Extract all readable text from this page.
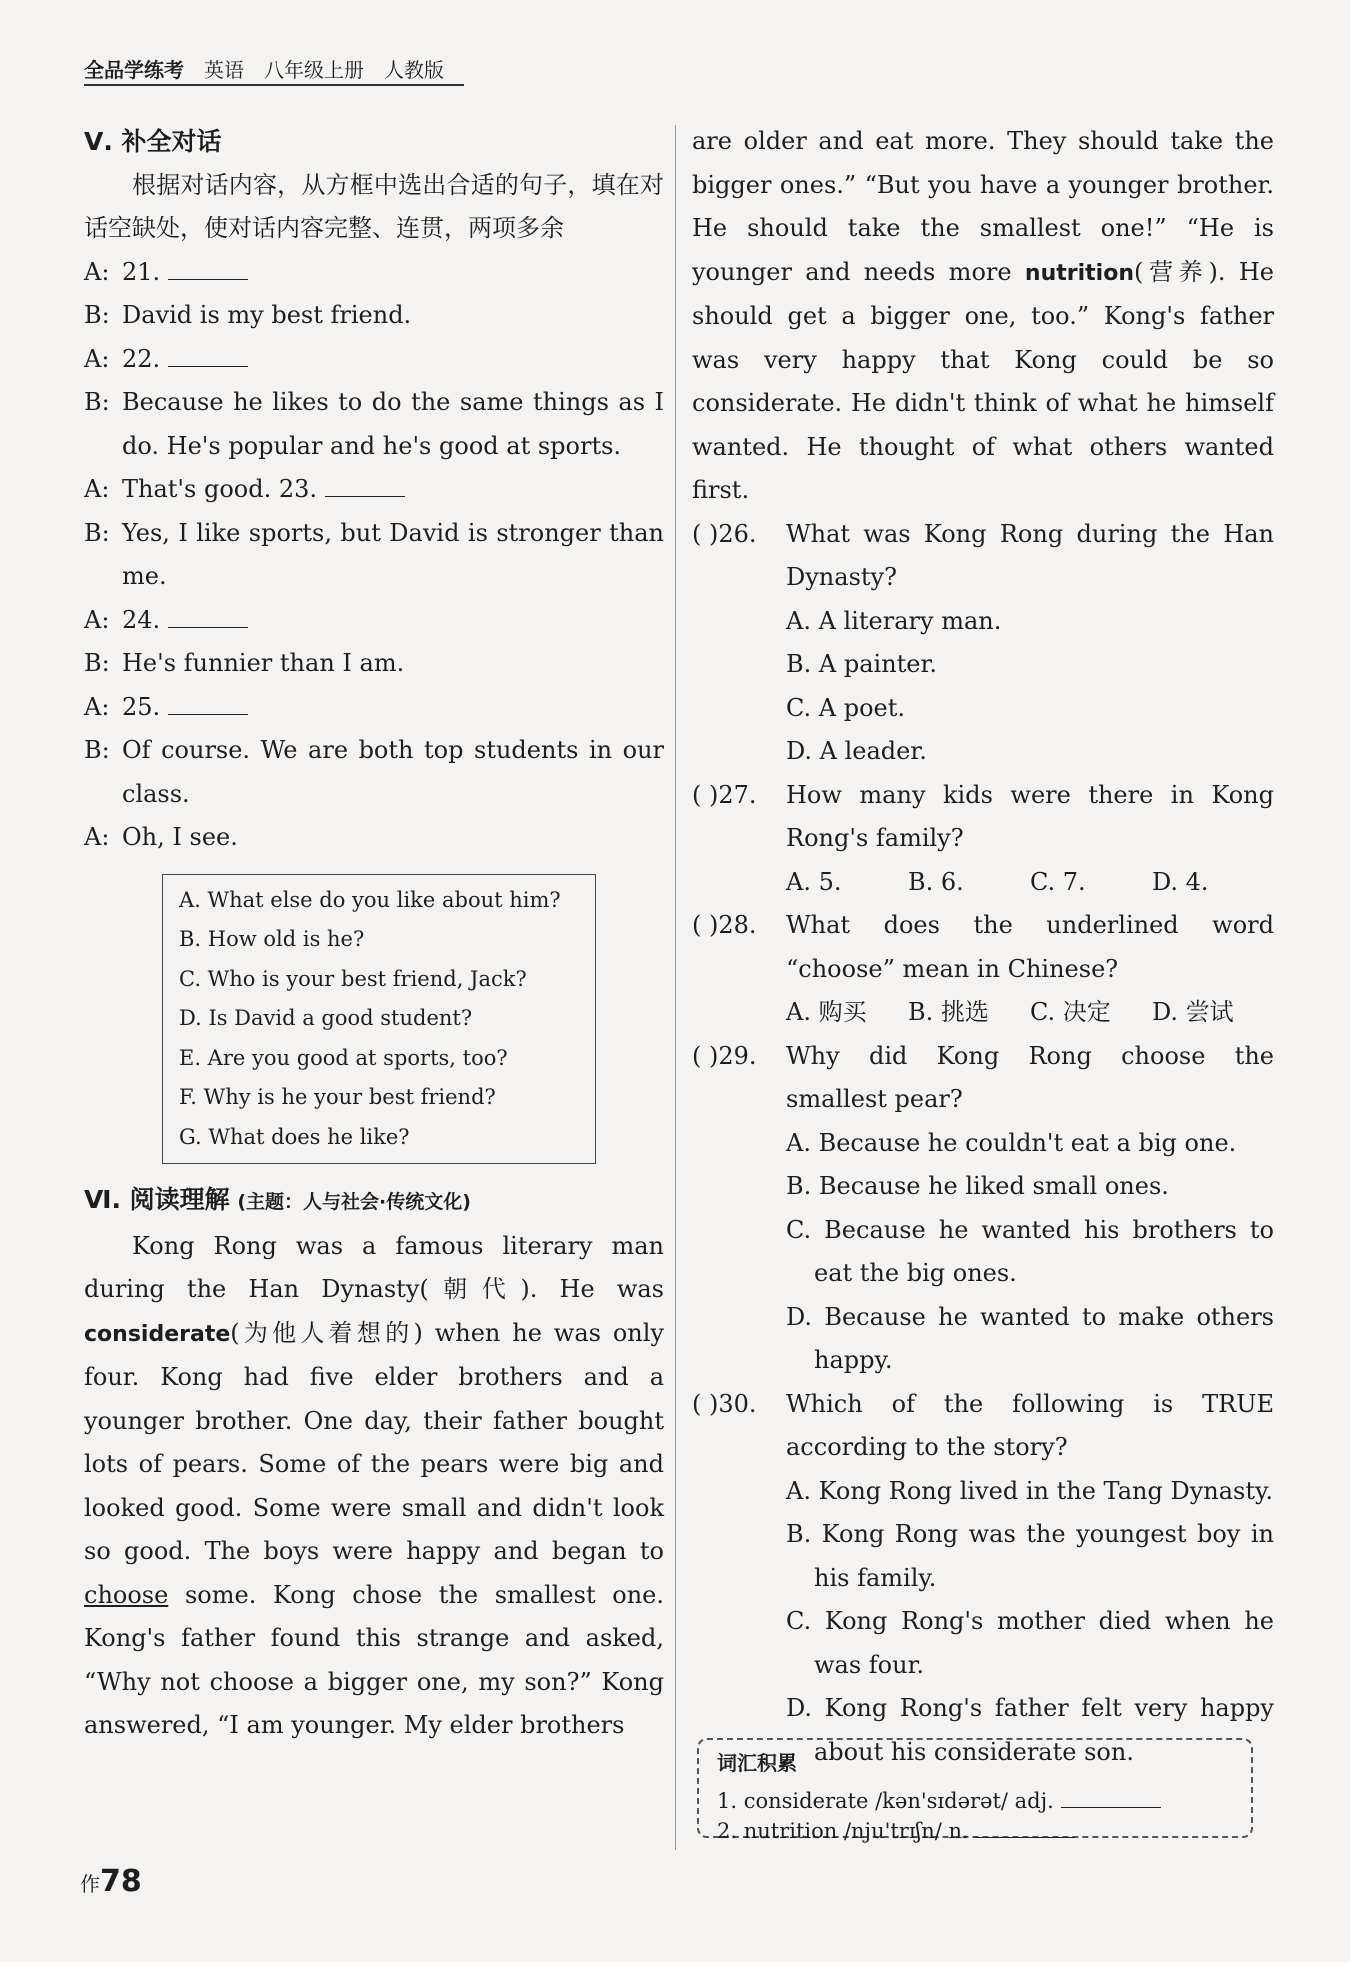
全品学练考 英语 八年级上册 人教版
Ⅴ. 补全对话
根据对话内容，从方框中选出合适的句子，填在对话空缺处，使对话内容完整、连贯，两项多余
A: 21.
B: David is my best friend.
A: 22.
B: Because he likes to do the same things as I do. He's popular and he's good at sports.
A: That's good. 23.
B: Yes, I like sports, but David is stronger than me.
A: 24.
B: He's funnier than I am.
A: 25.
B: Of course. We are both top students in our class.
A: Oh, I see.
A. What else do you like about him?
B. How old is he?
C. Who is your best friend, Jack?
D. Is David a good student?
E. Are you good at sports, too?
F. Why is he your best friend?
G. What does he like?
Ⅵ. 阅读理解 (主题：人与社会·传统文化)
Kong Rong was a famous literary man during the Han Dynasty(朝代). He was considerate(为他人着想的) when he was only four. Kong had five elder brothers and a younger brother. One day, their father bought lots of pears. Some of the pears were big and looked good. Some were small and didn't look so good. The boys were happy and began to choose some. Kong chose the smallest one. Kong's father found this strange and asked, “Why not choose a bigger one, my son?” Kong answered, “I am younger. My elder brothers
are older and eat more. They should take the bigger ones.” “But you have a younger brother. He should take the smallest one!” “He is younger and needs more nutrition(营养). He should get a bigger one, too.” Kong's father was very happy that Kong could be so considerate. He didn't think of what he himself wanted. He thought of what others wanted first.
( )26. What was Kong Rong during the Han Dynasty?
A. A literary man.B. A painter.
C. A poet.D. A leader.
( )27. How many kids were there in Kong Rong's family?
A. 5.	B. 6.	C. 7.	D. 4.
( )28. What does the underlined word “choose” mean in Chinese?
A. 购买 B. 挑选 C. 决定 D. 尝试
( )29. Why did Kong Rong choose the smallest pear?
A. Because he couldn't eat a big one.
B. Because he liked small ones.
C. Because he wanted his brothers to eat the big ones.
D. Because he wanted to make others happy.
( )30. Which of the following is TRUE according to the story?
A. Kong Rong lived in the Tang Dynasty.
B. Kong Rong was the youngest boy in his family.
C. Kong Rong's mother died when he was four.
D. Kong Rong's father felt very happy about his considerate son.
词汇积累
1. considerate /kən'sɪdərət/ adj.
2. nutrition /nju'trɪʃn/ n.
作78
